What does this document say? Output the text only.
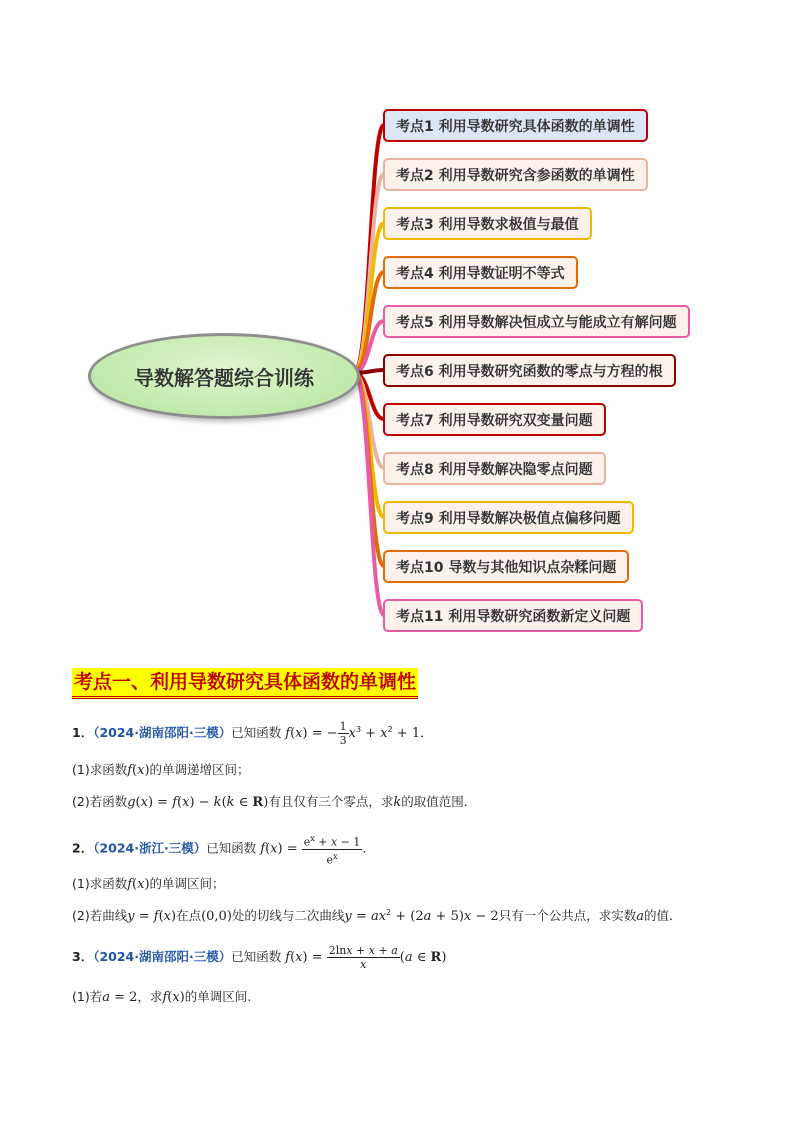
导数解答题综合训练
考点1 利用导数研究具体函数的单调性
考点2 利用导数研究含参函数的单调性
考点3 利用导数求极值与最值
考点4 利用导数证明不等式
考点5 利用导数解决恒成立与能成立有解问题
考点6 利用导数研究函数的零点与方程的根
考点7 利用导数研究双变量问题
考点8 利用导数解决隐零点问题
考点9 利用导数解决极值点偏移问题
考点10 导数与其他知识点杂糅问题
考点11 利用导数研究函数新定义问题
考点一、利用导数研究具体函数的单调性
1．（2024·湖南邵阳·三模）已知函数 f(x) = − $\frac{1}{3} x^3 + x^2 + 1$．
(1)求函数f(x)的单调递增区间；
(2)若函数g(x) = f(x) − k(k ∈ R)有且仅有三个零点，求k的取值范围．
2．（2024·浙江·三模）已知函数 $f(x) = \frac{e^x + x - 1}{e^x}$ ．
(1)求函数f(x)的单调区间；
(2)若曲线y = f(x)在点(0,0)处的切线与二次曲线$y = ax^2 + (2a + 5)x - 2$只有一个公共点，求实数a的值．
3．（2024·湖南邵阳·三模）已知函数 $f(x) = \frac{2\ln x + x + a}{x} (a$ ∈ R)
(1)若a = 2，求f(x)的单调区间.
